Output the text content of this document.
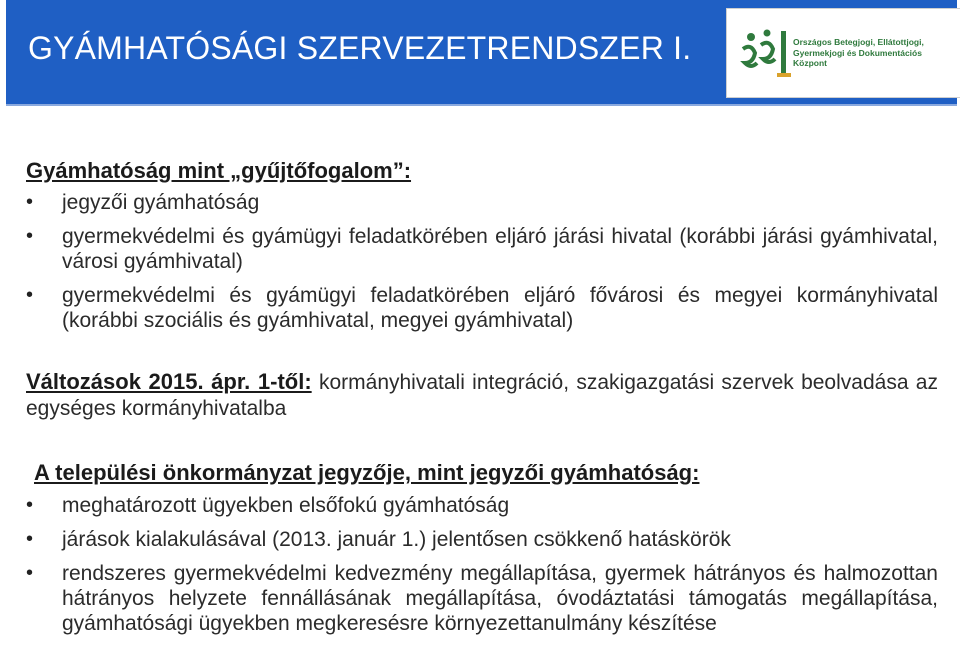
GYÁMHATÓSÁGI SZERVEZETRENDSZER I.	Országos Betegjogi, Ellátottjogi, Gyermekjogi és Dokumentációs Központ
Gyámhatóság mint „gyűjtőfogalom”:
• jegyzői gyámhatóság
• gyermekvédelmi és gyámügyi feladatkörében eljáró járási hivatal (korábbi járási gyámhivatal, városi gyámhivatal)
• gyermekvédelmi és gyámügyi feladatkörében eljáró fővárosi és megyei kormányhivatal (korábbi szociális és gyámhivatal, megyei gyámhivatal)

Változások 2015. ápr. 1-től: kormányhivatali integráció, szakigazgatási szervek beolvadása az egységes kormányhivatalba

A települési önkormányzat jegyzője, mint jegyzői gyámhatóság:
• meghatározott ügyekben elsőfokú gyámhatóság
• járások kialakulásával (2013. január 1.) jelentősen csökkenő hatáskörök
• rendszeres gyermekvédelmi kedvezmény megállapítása, gyermek hátrányos és halmozottan hátrányos helyzete fennállásának megállapítása, óvodáztatási támogatás megállapítása, gyámhatósági ügyekben megkeresésre környezettanulmány készítése
